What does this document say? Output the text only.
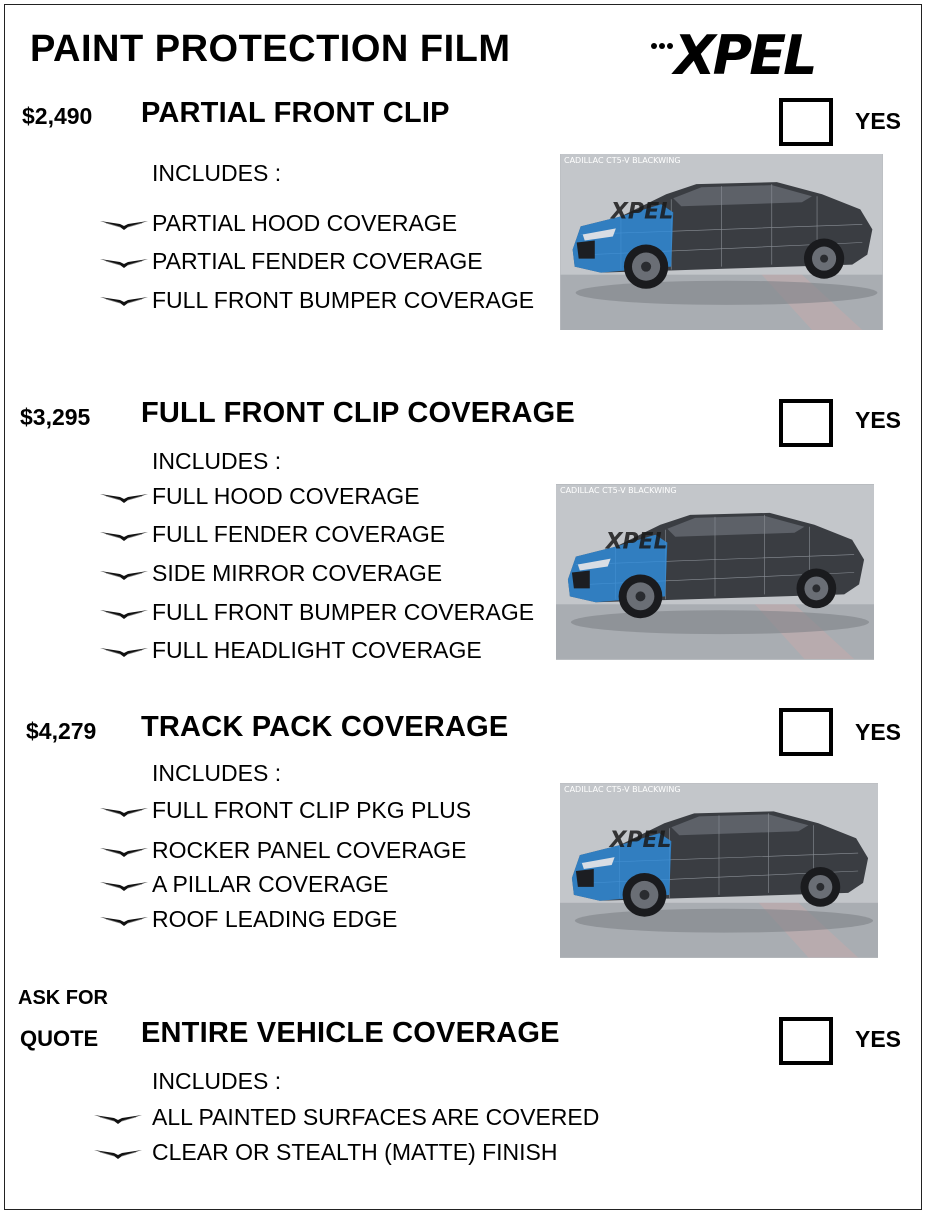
PAINT PROTECTION FILM	XPEL
$2,490 PARTIAL FRONT CLIP	YES
INCLUDES :
PARTIAL HOOD COVERAGE
PARTIAL FENDER COVERAGE
FULL FRONT BUMPER COVERAGE
CADILLAC CT5-V BLACKWING
$3,295 FULL FRONT CLIP COVERAGE	YES
INCLUDES :
FULL HOOD COVERAGE
FULL FENDER COVERAGE
SIDE MIRROR COVERAGE
FULL FRONT BUMPER COVERAGE
FULL HEADLIGHT COVERAGE
CADILLAC CT5-V BLACKWING
$4,279 TRACK PACK COVERAGE	YES
INCLUDES :
FULL FRONT CLIP PKG PLUS
ROCKER PANEL COVERAGE
A PILLAR COVERAGE
ROOF LEADING EDGE
CADILLAC CT5-V BLACKWING
ASK FOR
QUOTE ENTIRE VEHICLE COVERAGE	YES
INCLUDES :
ALL PAINTED SURFACES ARE COVERED
CLEAR OR STEALTH (MATTE) FINISH
